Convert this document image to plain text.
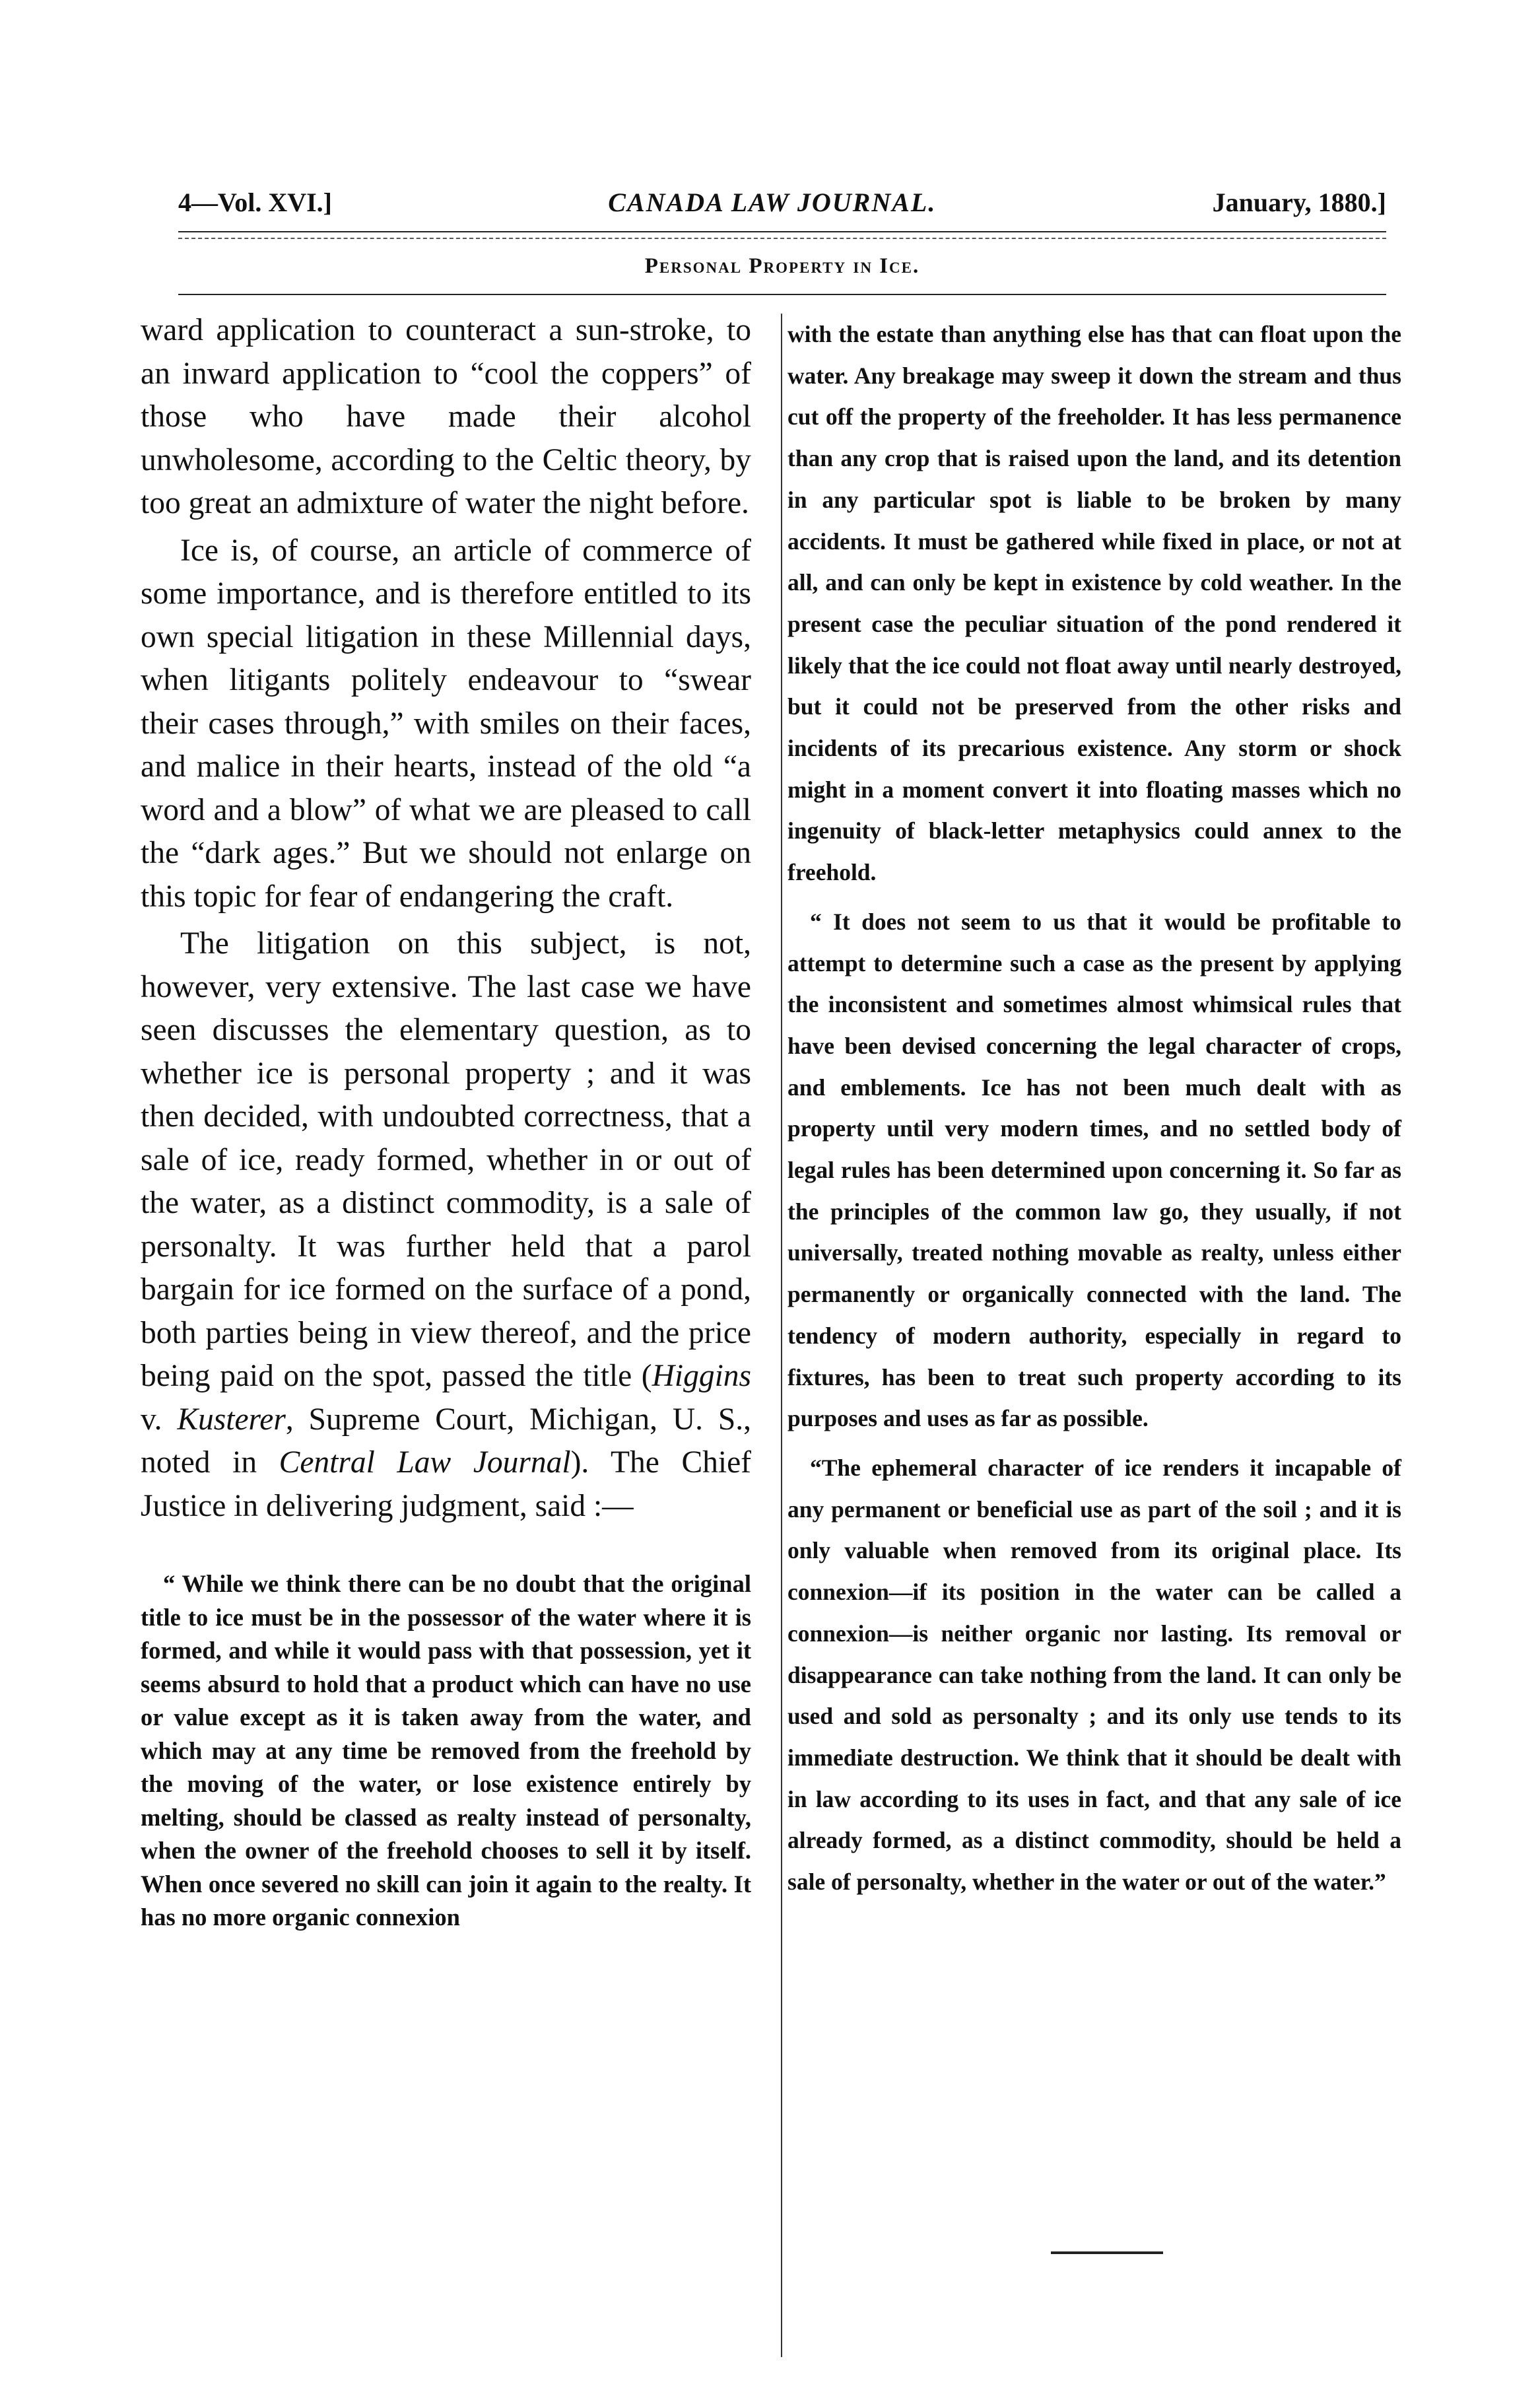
4—Vol. XVI.]	CANADA LAW JOURNAL.	January, 1880.]
Personal Property in Ice.

ward application to counteract a sun-stroke, to an inward application to “cool the coppers” of those who have made their alcohol unwholesome, according to the Celtic theory, by too great an admixture of water the night before.

Ice is, of course, an article of commerce of some importance, and is therefore entitled to its own special litigation in these Millennial days, when litigants politely endeavour to “swear their cases through,” with smiles on their faces, and malice in their hearts, instead of the old “a word and a blow” of what we are pleased to call the “dark ages.” But we should not enlarge on this topic for fear of endangering the craft.

The litigation on this subject, is not, however, very extensive. The last case we have seen discusses the elementary question, as to whether ice is personal property ; and it was then decided, with undoubted correctness, that a sale of ice, ready formed, whether in or out of the water, as a distinct commodity, is a sale of personalty. It was further held that a parol bargain for ice formed on the surface of a pond, both parties being in view thereof, and the price being paid on the spot, passed the title (Higgins v. Kusterer, Supreme Court, Michigan, U. S., noted in Central Law Journal). The Chief Justice in delivering judgment, said :—

“ While we think there can be no doubt that the original title to ice must be in the possessor of the water where it is formed, and while it would pass with that possession, yet it seems absurd to hold that a product which can have no use or value except as it is taken away from the water, and which may at any time be removed from the freehold by the moving of the water, or lose existence entirely by melting, should be classed as realty instead of personalty, when the owner of the freehold chooses to sell it by itself. When once severed no skill can join it again to the realty. It has no more organic connexion

with the estate than anything else has that can float upon the water. Any breakage may sweep it down the stream and thus cut off the property of the freeholder. It has less permanence than any crop that is raised upon the land, and its detention in any particular spot is liable to be broken by many accidents. It must be gathered while fixed in place, or not at all, and can only be kept in existence by cold weather. In the present case the peculiar situation of the pond rendered it likely that the ice could not float away until nearly destroyed, but it could not be preserved from the other risks and incidents of its precarious existence. Any storm or shock might in a moment convert it into floating masses which no ingenuity of black-letter metaphysics could annex to the freehold.

“ It does not seem to us that it would be profitable to attempt to determine such a case as the present by applying the inconsistent and sometimes almost whimsical rules that have been devised concerning the legal character of crops, and emblements. Ice has not been much dealt with as property until very modern times, and no settled body of legal rules has been determined upon concerning it. So far as the principles of the common law go, they usually, if not universally, treated nothing movable as realty, unless either permanently or organically connected with the land. The tendency of modern authority, especially in regard to fixtures, has been to treat such property according to its purposes and uses as far as possible.

“The ephemeral character of ice renders it incapable of any permanent or beneficial use as part of the soil ; and it is only valuable when removed from its original place. Its connexion—if its position in the water can be called a connexion—is neither organic nor lasting. Its removal or disappearance can take nothing from the land. It can only be used and sold as personalty ; and its only use tends to its immediate destruction. We think that it should be dealt with in law according to its uses in fact, and that any sale of ice already formed, as a distinct commodity, should be held a sale of personalty, whether in the water or out of the water.”
